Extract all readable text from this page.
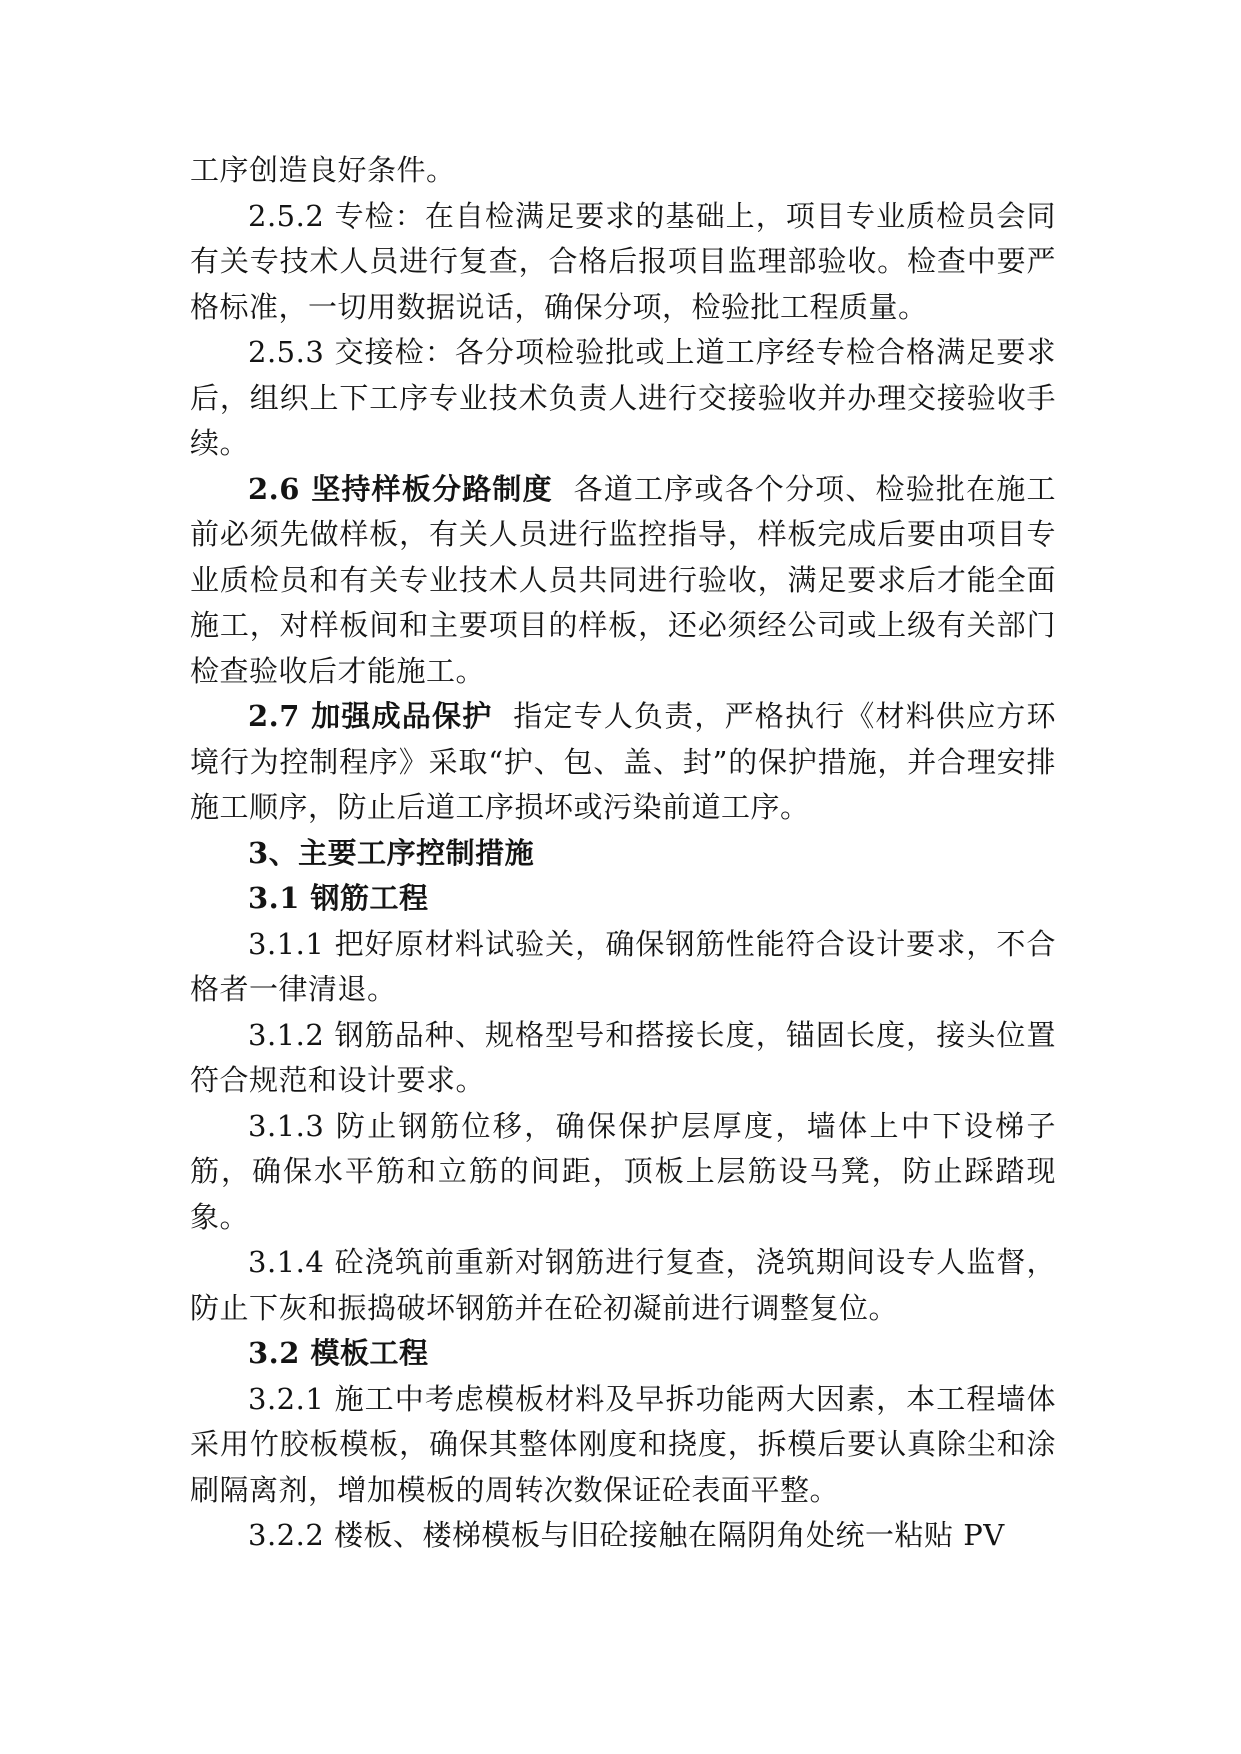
工序创造良好条件。

2.5.2 专检：在自检满足要求的基础上，项目专业质检员会同有关专技术人员进行复查，合格后报项目监理部验收。检查中要严格标准，一切用数据说话，确保分项，检验批工程质量。

2.5.3 交接检：各分项检验批或上道工序经专检合格满足要求后，组织上下工序专业技术负责人进行交接验收并办理交接验收手续。

2.6 坚持样板分路制度 各道工序或各个分项、检验批在施工前必须先做样板，有关人员进行监控指导，样板完成后要由项目专业质检员和有关专业技术人员共同进行验收，满足要求后才能全面施工，对样板间和主要项目的样板，还必须经公司或上级有关部门检查验收后才能施工。

2.7 加强成品保护 指定专人负责，严格执行《材料供应方环境行为控制程序》采取“护、包、盖、封”的保护措施，并合理安排施工顺序，防止后道工序损坏或污染前道工序。

3、主要工序控制措施

3.1 钢筋工程

3.1.1 把好原材料试验关，确保钢筋性能符合设计要求，不合格者一律清退。

3.1.2 钢筋品种、规格型号和搭接长度，锚固长度，接头位置符合规范和设计要求。

3.1.3 防止钢筋位移，确保保护层厚度，墙体上中下设梯子筋，确保水平筋和立筋的间距，顶板上层筋设马凳，防止踩踏现象。

3.1.4 砼浇筑前重新对钢筋进行复查，浇筑期间设专人监督，防止下灰和振捣破坏钢筋并在砼初凝前进行调整复位。

3.2 模板工程

3.2.1 施工中考虑模板材料及早拆功能两大因素，本工程墙体采用竹胶板模板，确保其整体刚度和挠度，拆模后要认真除尘和涂刷隔离剂，增加模板的周转次数保证砼表面平整。

3.2.2 楼板、楼梯模板与旧砼接触在隔阴角处统一粘贴 PV
